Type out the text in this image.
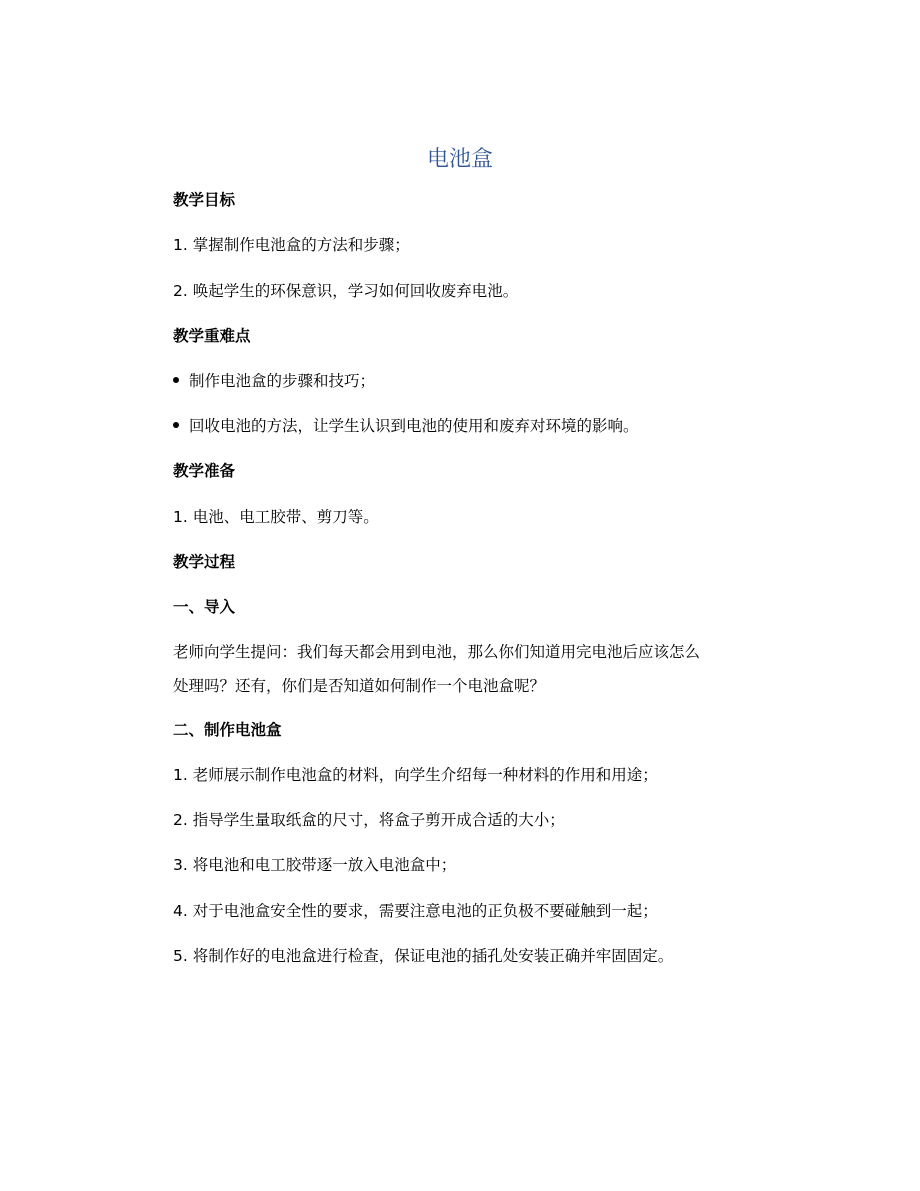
电池盒
教学目标
1. 掌握制作电池盒的方法和步骤；
2. 唤起学生的环保意识，学习如何回收废弃电池。
教学重难点
制作电池盒的步骤和技巧；
回收电池的方法，让学生认识到电池的使用和废弃对环境的影响。
教学准备
1. 电池、电工胶带、剪刀等。
教学过程
一、导入
老师向学生提问：我们每天都会用到电池，那么你们知道用完电池后应该怎么
处理吗？还有，你们是否知道如何制作一个电池盒呢？
二、制作电池盒
1. 老师展示制作电池盒的材料，向学生介绍每一种材料的作用和用途；
2. 指导学生量取纸盒的尺寸，将盒子剪开成合适的大小；
3. 将电池和电工胶带逐一放入电池盒中；
4. 对于电池盒安全性的要求，需要注意电池的正负极不要碰触到一起；
5. 将制作好的电池盒进行检查，保证电池的插孔处安装正确并牢固固定。
